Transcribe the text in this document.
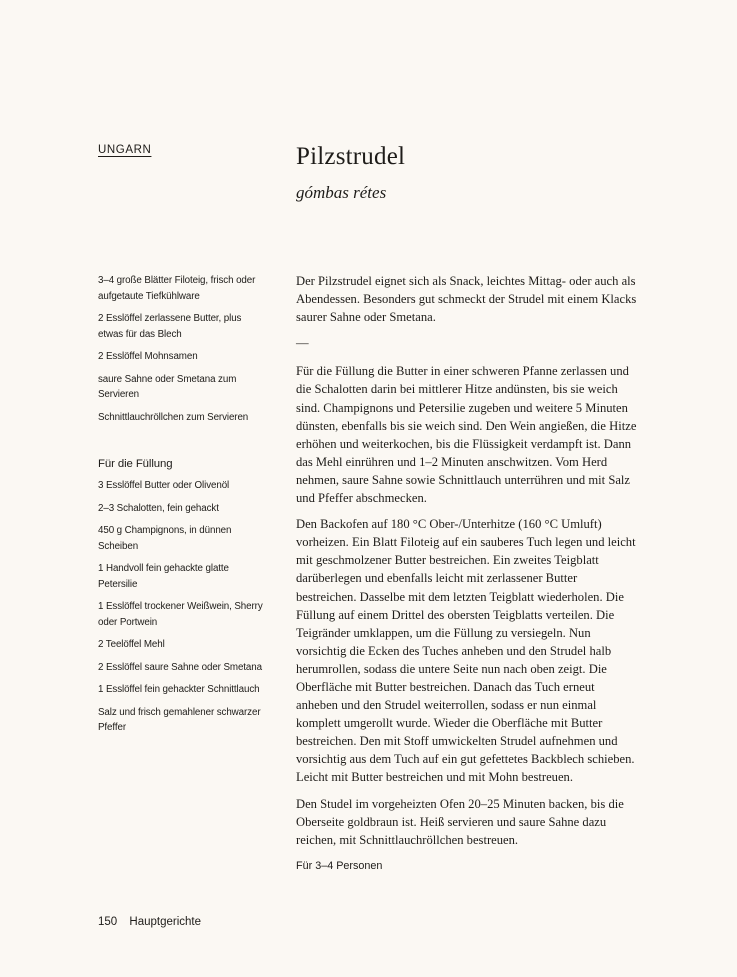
UNGARN	Pilzstrudel
gómbas rétes

3–4 große Blätter Filoteig, frisch oder aufgetaute Tiefkühlware

2 Esslöffel zerlassene Butter, plus etwas für das Blech

2 Esslöffel Mohnsamen

saure Sahne oder Smetana zum Servieren

Schnittlauchröllchen zum Servieren

Für die Füllung

3 Esslöffel Butter oder Olivenöl

2–3 Schalotten, fein gehackt

450 g Champignons, in dünnen Scheiben

1 Handvoll fein gehackte glatte Petersilie

1 Esslöffel trockener Weißwein, Sherry oder Portwein

2 Teelöffel Mehl

2 Esslöffel saure Sahne oder Smetana

1 Esslöffel fein gehackter Schnittlauch

Salz und frisch gemahlener schwarzer Pfeffer

Der Pilzstrudel eignet sich als Snack, leichtes Mittag- oder auch als Abendessen. Besonders gut schmeckt der Strudel mit einem Klacks saurer Sahne oder Smetana.

—

Für die Füllung die Butter in einer schweren Pfanne zerlassen und die Schalotten darin bei mittlerer Hitze andünsten, bis sie weich sind. Champignons und Petersilie zugeben und weitere 5 Minuten dünsten, ebenfalls bis sie weich sind. Den Wein angießen, die Hitze erhöhen und weiterkochen, bis die Flüssigkeit verdampft ist. Dann das Mehl einrühren und 1–2 Minuten anschwitzen. Vom Herd nehmen, saure Sahne sowie Schnittlauch unterrühren und mit Salz und Pfeffer abschmecken.

Den Backofen auf 180 °C Ober-/Unterhitze (160 °C Umluft) vorheizen. Ein Blatt Filoteig auf ein sauberes Tuch legen und leicht mit geschmolzener Butter bestreichen. Ein zweites Teigblatt darüberlegen und ebenfalls leicht mit zerlassener Butter bestreichen. Dasselbe mit dem letzten Teigblatt wiederholen. Die Füllung auf einem Drittel des obersten Teigblatts verteilen. Die Teigränder umklappen, um die Füllung zu versiegeln. Nun vorsichtig die Ecken des Tuches anheben und den Strudel halb herumrollen, sodass die untere Seite nun nach oben zeigt. Die Oberfläche mit Butter bestreichen. Danach das Tuch erneut anheben und den Strudel weiterrollen, sodass er nun einmal komplett umgerollt wurde. Wieder die Oberfläche mit Butter bestreichen. Den mit Stoff umwickelten Strudel aufnehmen und vorsichtig aus dem Tuch auf ein gut gefettetes Backblech schieben. Leicht mit Butter bestreichen und mit Mohn bestreuen.

Den Studel im vorgeheizten Ofen 20–25 Minuten backen, bis die Oberseite goldbraun ist. Heiß servieren und saure Sahne dazu reichen, mit Schnittlauchröllchen bestreuen.

Für 3–4 Personen

150 Hauptgerichte
